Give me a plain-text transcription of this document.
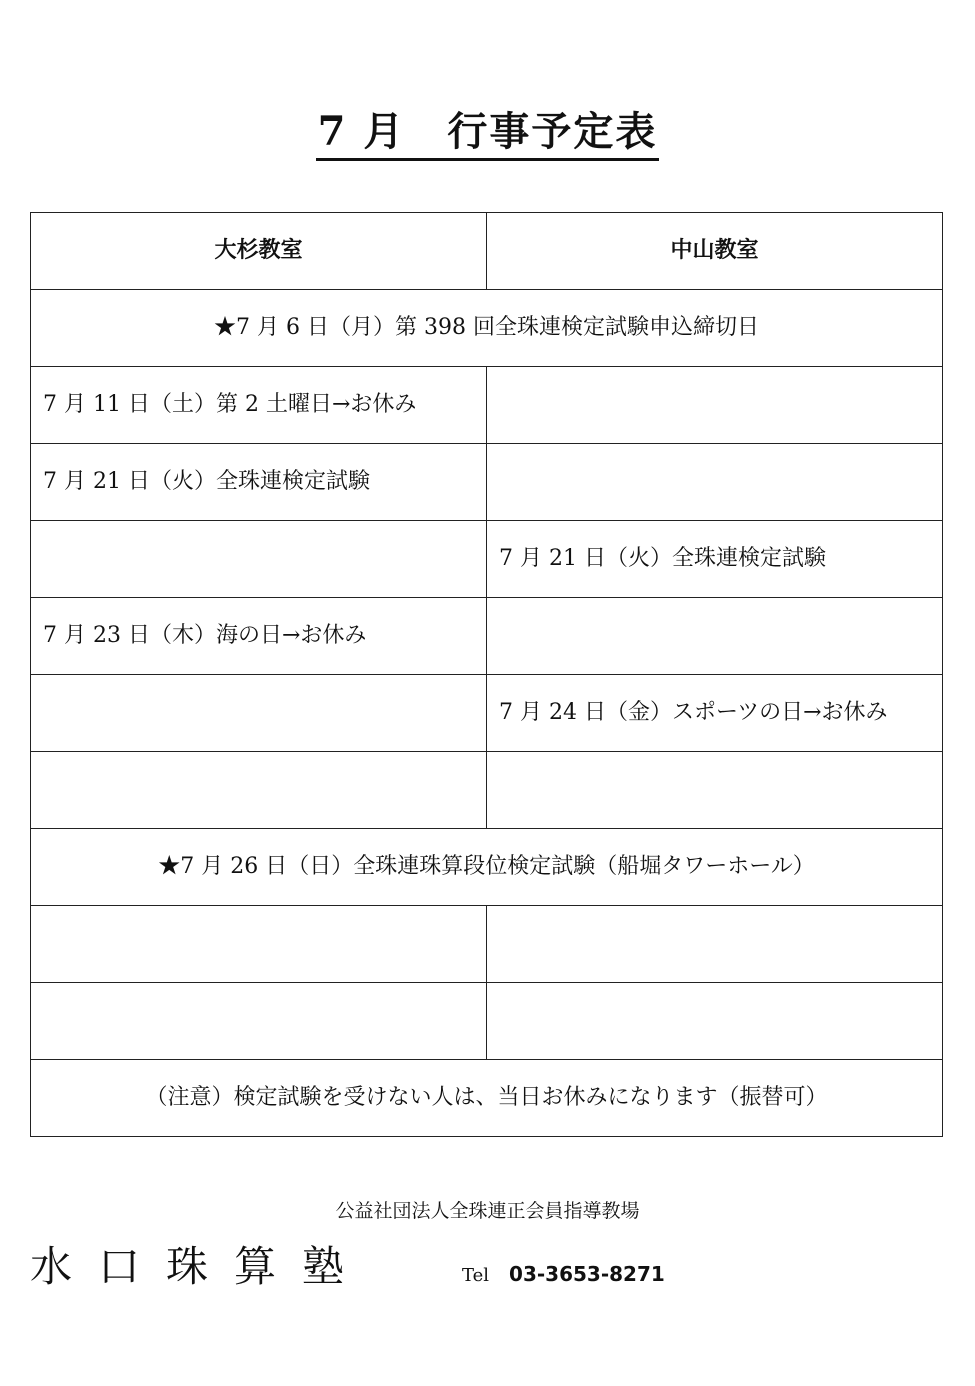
7 月　行事予定表
大杉教室	中山教室
★7 月 6 日（月）第 398 回全珠連検定試験申込締切日	
7 月 11 日（土）第 2 土曜日→お休み	
7 月 21 日（火）全珠連検定試験	
	7 月 21 日（火）全珠連検定試験
7 月 23 日（木）海の日→お休み	
	7 月 24 日（金）スポーツの日→お休み

★7 月 26 日（日）全珠連珠算段位検定試験（船堀タワーホール）	

（注意）検定試験を受けない人は、当日お休みになります（振替可）	
公益社団法人全珠連正会員指導教場
水口珠算塾	Tel 03-3653-8271
